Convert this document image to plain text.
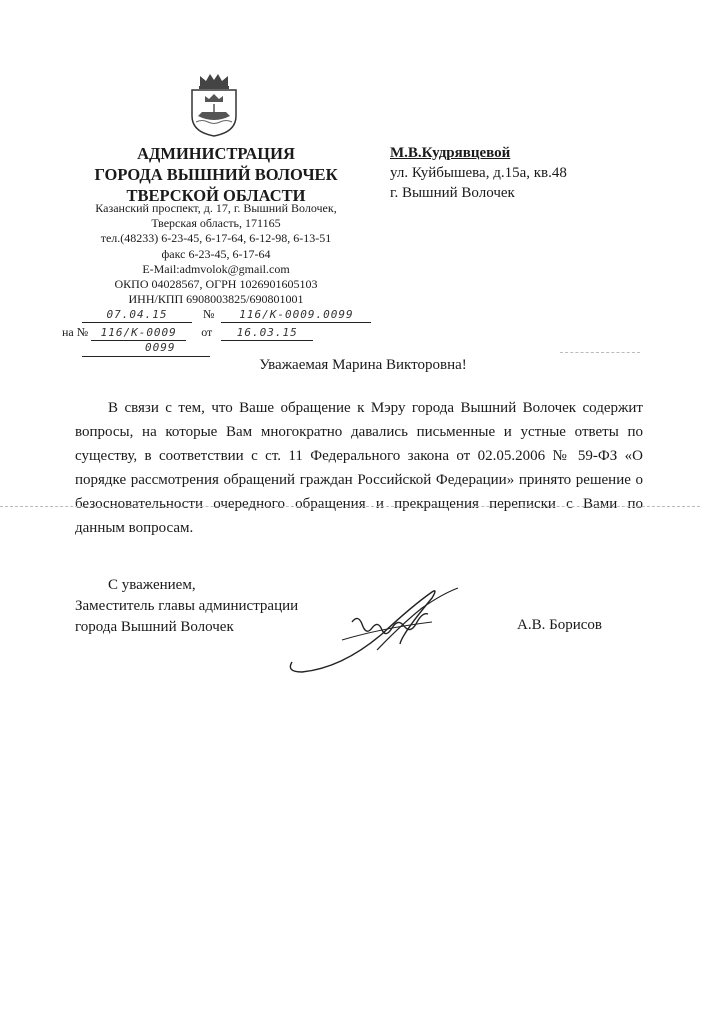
АДМИНИСТРАЦИЯ
ГОРОДА ВЫШНИЙ ВОЛОЧЕК
ТВЕРСКОЙ ОБЛАСТИ
Казанский проспект, д. 17, г. Вышний Волочек,
Тверская область, 171165
тел.(48233) 6-23-45, 6-17-64, 6-12-98, 6-13-51
факс 6-23-45, 6-17-64
E-Mail:admvolok@gmail.com
ОКПО 04028567, ОГРН 1026901605103
ИНН/КПП 6908003825/690801001
М.В.Кудрявцевой
ул. Куйбышева, д.15а, кв.48
г. Вышний Волочек
07.04.15	№ 116/К-0009.0099
на № 116/К-0009 от 16.03.15
0099
Уважаемая Марина Викторовна!

В связи с тем, что Ваше обращение к Мэру города Вышний Волочек содержит вопросы, на которые Вам многократно давались письменные и устные ответы по существу, в соответствии с ст. 11 Федерального закона от 02.05.2006 № 59-ФЗ «О порядке рассмотрения обращений граждан Российской Федерации» принято решение о безосновательности очередного обращения и прекращения переписки с Вами по данным вопросам.

С уважением,
Заместитель главы администрации
города Вышний Волочек	А.В. Борисов
